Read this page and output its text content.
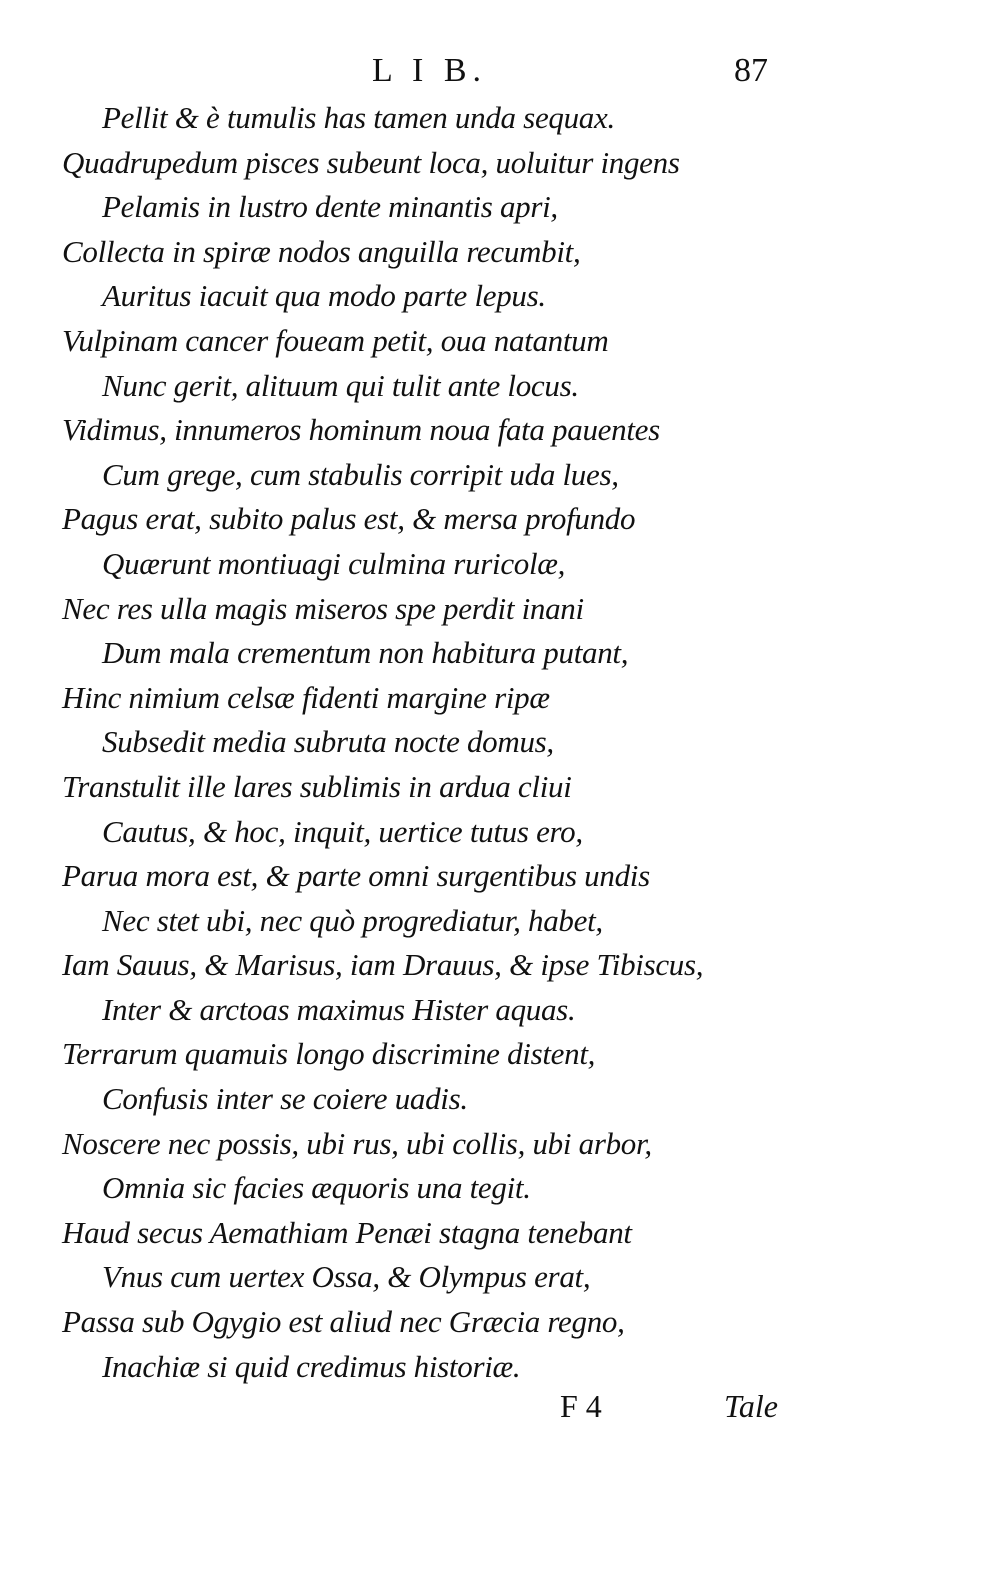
L I B.	87
Pellit & è tumulis has tamen unda sequax.
Quadrupedum pisces subeunt loca, uoluitur ingens
Pelamis in lustro dente minantis apri,
Collecta in spiræ nodos anguilla recumbit,
Auritus iacuit qua modo parte lepus.
Vulpinam cancer foueam petit, oua natantum
Nunc gerit, alituum qui tulit ante locus.
Vidimus, innumeros hominum noua fata pauentes
Cum grege, cum stabulis corripit uda lues,
Pagus erat, subito palus est, & mersa profundo
Quærunt montiuagi culmina ruricolæ,
Nec res ulla magis miseros spe perdit inani
Dum mala crementum non habitura putant,
Hinc nimium celsæ fidenti margine ripæ
Subsedit media subruta nocte domus,
Transtulit ille lares sublimis in ardua cliui
Cautus, & hoc, inquit, uertice tutus ero,
Parua mora est, & parte omni surgentibus undis
Nec stet ubi, nec quò progrediatur, habet,
Iam Sauus, & Marisus, iam Drauus, & ipse Tibiscus,
Inter & arctoas maximus Hister aquas.
Terrarum quamuis longo discrimine distent,
Confusis inter se coiere uadis.
Noscere nec possis, ubi rus, ubi collis, ubi arbor,
Omnia sic facies æquoris una tegit.
Haud secus Aemathiam Penæi stagna tenebant
Vnus cum uertex Ossa, & Olympus erat,
Passa sub Ogygio est aliud nec Græcia regno,
Inachiæ si quid credimus historiæ.
F 4	Tale
